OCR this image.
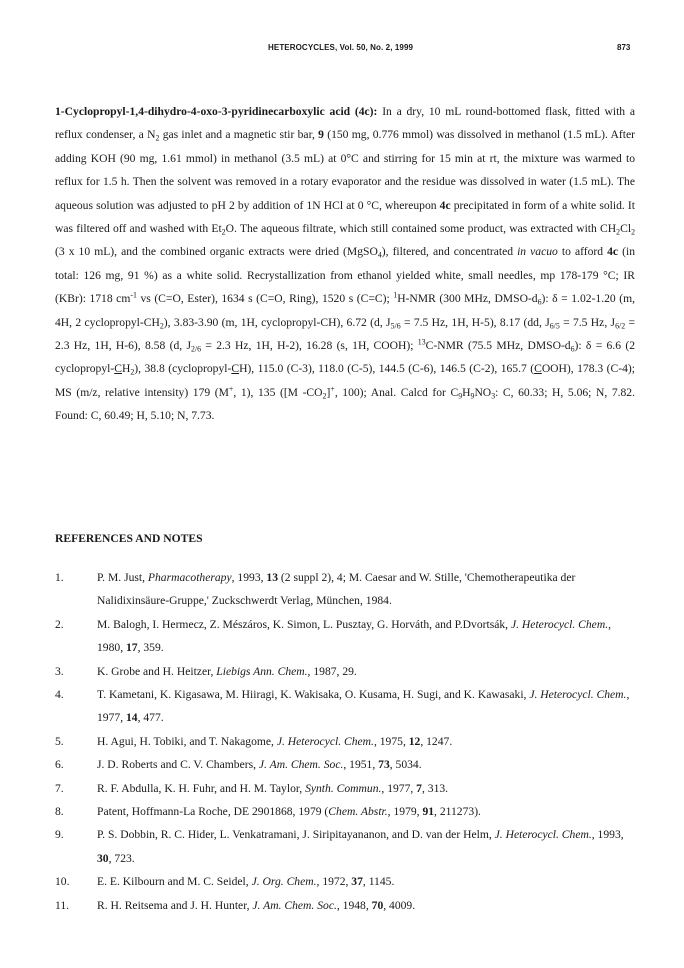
HETEROCYCLES, Vol. 50, No. 2, 1999	873
1-Cyclopropyl-1,4-dihydro-4-oxo-3-pyridinecarboxylic acid (4c): In a dry, 10 mL round-bottomed flask, fitted with a reflux condenser, a $N_2$ gas inlet and a magnetic stir bar, 9 (150 mg, 0.776 mmol) was dissolved in methanol (1.5 mL). After adding KOH (90 mg, 1.61 mmol) in methanol (3.5 mL) at 0°C and stirring for 15 min at rt, the mixture was warmed to reflux for 1.5 h. Then the solvent was removed in a rotary evaporator and the residue was dissolved in water (1.5 mL). The aqueous solution was adjusted to pH 2 by addition of 1N HCl at 0 °C, whereupon 4c precipitated in form of a white solid. It was filtered off and washed with $Et_2O$. The aqueous filtrate, which still contained some product, was extracted with $CH_2Cl_2$ (3 x 10 mL), and the combined organic extracts were dried (MgSO$_4$), filtered, and concentrated in vacuo to afford 4c (in total: 126 mg, 91 %) as a white solid. Recrystallization from ethanol yielded white, small needles, mp 178-179 °C; IR (KBr): 1718 $cm^{-1}$ vs (C=O, Ester), 1634 s (C=O, Ring), 1520 s (C=C); $^1$H-NMR (300 MHz, DMSO-$d_6$): δ = 1.02-1.20 (m, 4H, 2 cyclopropyl-$CH_2$), 3.83-3.90 (m, 1H, cyclopropyl-CH), 6.72 (d, $J_{5/6} = 7.5$ Hz, 1H, H-5), 8.17 (dd, $J_{6/5} = 7.5$ Hz, $J_{6/2} = 2.3$ Hz, 1H, H-6), 8.58 (d, $J_{2/6} = 2.3$ Hz, 1H, H-2), 16.28 (s, 1H, COOH); $^{13}$C-NMR (75.5 MHz, DMSO-$d_6$): δ = 6.6 (2 cyclopropyl-$CH_2$), 38.8 (cyclopropyl-CH), 115.0 (C-3), 118.0 (C-5), 144.5 (C-6), 146.5 (C-2), 165.7 (COOH), 178.3 (C-4); MS (m/z, relative intensity) 179 (M+, 1), 135 ([M $-CO_2]^+$, 100); Anal. Calcd for $C_9H_9NO_3$: C, 60.33; H, 5.06; N, 7.82. Found: C, 60.49; H, 5.10; N, 7.73.
REFERENCES AND NOTES
1.	P. M. Just, Pharmacotherapy, 1993, 13 (2 suppl 2), 4; M. Caesar and W. Stille, 'Chemotherapeutika der Nalidixinsäure-Gruppe,' Zuckschwerdt Verlag, München, 1984.
2.	M. Balogh, I. Hermecz, Z. Mészáros, K. Simon, L. Pusztay, G. Horváth, and P.Dvortsák, J. Heterocycl. Chem., 1980, 17, 359.
3.	K. Grobe and H. Heitzer, Liebigs Ann. Chem., 1987, 29.
4.	T. Kametani, K. Kigasawa, M. Hiiragi, K. Wakisaka, O. Kusama, H. Sugi, and K. Kawasaki, J. Heterocycl. Chem., 1977, 14, 477.
5.	H. Agui, H. Tobiki, and T. Nakagome, J. Heterocycl. Chem., 1975, 12, 1247.
6.	J. D. Roberts and C. V. Chambers, J. Am. Chem. Soc., 1951, 73, 5034.
7.	R. F. Abdulla, K. H. Fuhr, and H. M. Taylor, Synth. Commun., 1977, 7, 313.
8.	Patent, Hoffmann-La Roche, DE 2901868, 1979 (Chem. Abstr., 1979, 91, 211273).
9.	P. S. Dobbin, R. C. Hider, L. Venkatramani, J. Siripitayananon, and D. van der Helm, J. Heterocycl. Chem., 1993, 30, 723.
10.	E. E. Kilbourn and M. C. Seidel, J. Org. Chem., 1972, 37, 1145.
11.	R. H. Reitsema and J. H. Hunter, J. Am. Chem. Soc., 1948, 70, 4009.
